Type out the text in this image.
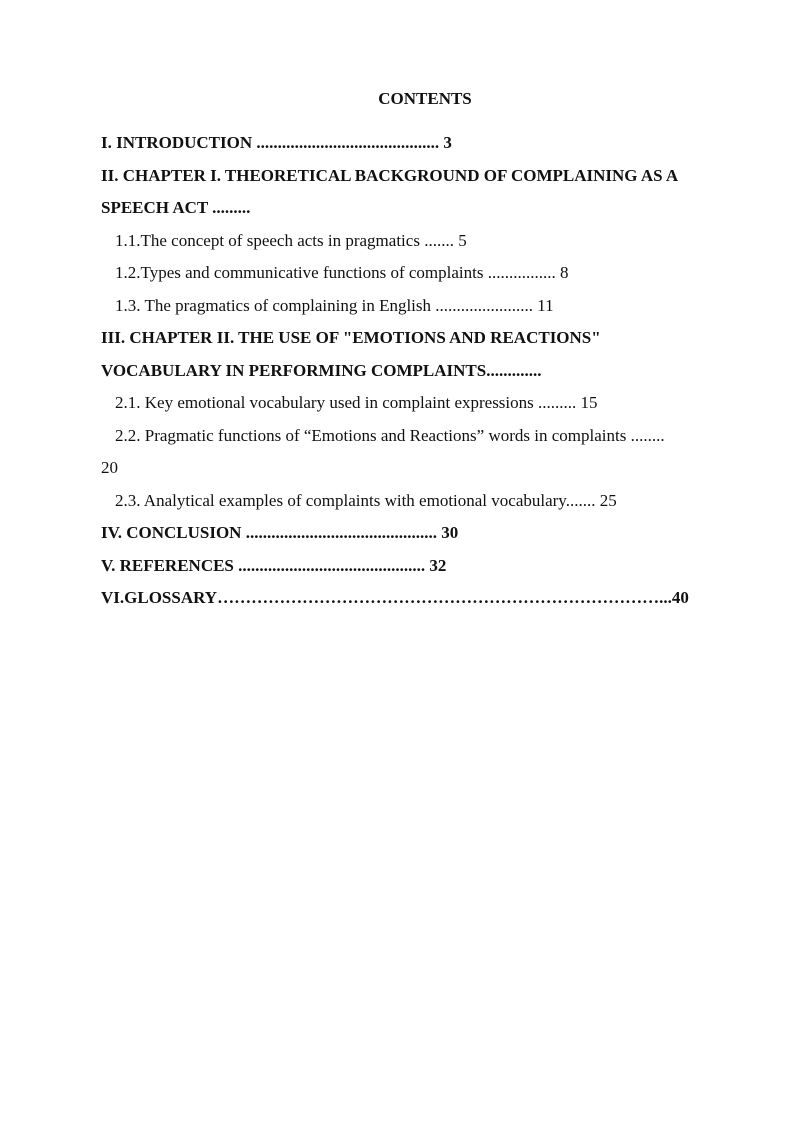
CONTENTS
I. INTRODUCTION ........................................... 3
II. CHAPTER I. THEORETICAL BACKGROUND OF COMPLAINING AS A
SPEECH ACT .........
1.1.The concept of speech acts in pragmatics ....... 5
1.2.Types and communicative functions of complaints ................ 8
1.3. The pragmatics of complaining in English ....................... 11
III. CHAPTER II. THE USE OF "EMOTIONS AND REACTIONS"
VOCABULARY IN PERFORMING COMPLAINTS.............
2.1. Key emotional vocabulary used in complaint expressions ......... 15
2.2. Pragmatic functions of “Emotions and Reactions” words in complaints ........
20
2.3. Analytical examples of complaints with emotional vocabulary....... 25
IV. CONCLUSION ............................................. 30
V. REFERENCES ............................................ 32
VI.GLOSSARY……………………………………………………………………...40
